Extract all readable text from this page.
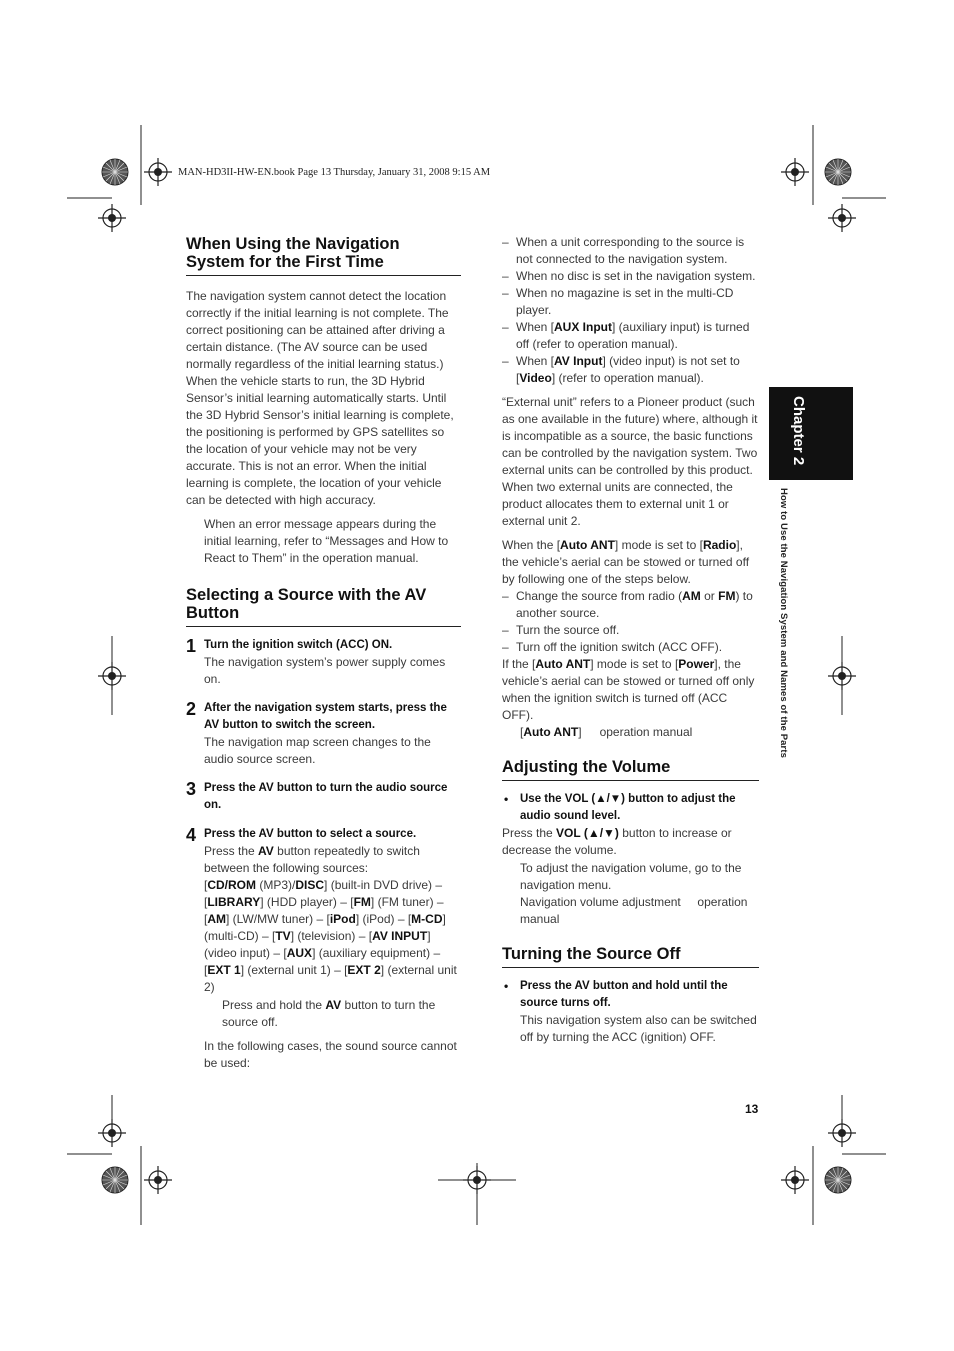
MAN-HD3II-HW-EN.book Page 13 Thursday, January 31, 2008 9:15 AM
Chapter 2
How to Use the Navigation System and Names of the Parts
When Using the Navigation System for the First Time

The navigation system cannot detect the location correctly if the initial learning is not complete. The correct positioning can be attained after driving a certain distance. (The AV source can be used normally regardless of the initial learning status.)

When the vehicle starts to run, the 3D Hybrid Sensor’s initial learning automatically starts. Until the 3D Hybrid Sensor’s initial learning is complete, the positioning is performed by GPS satellites so the location of your vehicle may not be very accurate. This is not an error. When the initial learning is complete, the location of your vehicle can be detected with high accuracy.

When an error message appears during the initial learning, refer to “Messages and How to React to Them” in the operation manual.

Selecting a Source with the AV Button
1 Turn the ignition switch (ACC) ON.

The navigation system’s power supply comes on.

2 After the navigation system starts, press the AV button to switch the screen.

The navigation map screen changes to the audio source screen.

3 Press the AV button to turn the audio source on.
4 Press the AV button to select a source.

Press the AV button repeatedly to switch between the following sources:

[CD/ROM (MP3)/DISC] (built-in DVD drive) – [LIBRARY] (HDD player) – [FM] (FM tuner) – [AM] (LW/MW tuner) – [iPod] (iPod) – [M-CD] (multi-CD) – [TV] (television) – [AV INPUT] (video input) – [AUX] (auxiliary equipment) – [EXT 1] (external unit 1) – [EXT 2] (external unit 2)

Press and hold the AV button to turn the source off.

In the following cases, the sound source cannot be used:

– When a unit corresponding to the source is not connected to the navigation system.
– When no disc is set in the navigation system.
– When no magazine is set in the multi-CD player.
– When [AUX Input] (auxiliary input) is turned off (refer to operation manual).
– When [AV Input] (video input) is not set to [Video] (refer to operation manual).

“External unit” refers to a Pioneer product (such as one available in the future) where, although it is incompatible as a source, the basic functions can be controlled by the navigation system. Two external units can be controlled by this product. When two external units are connected, the product allocates them to external unit 1 or external unit 2.

When the [Auto ANT] mode is set to [Radio], the vehicle’s aerial can be stowed or turned off by following one of the steps below.

– Change the source from radio (AM or FM) to another source.
– Turn the source off.
– Turn off the ignition switch (ACC OFF).

If the [Auto ANT] mode is set to [Power], the vehicle’s aerial can be stowed or turned off only when the ignition switch is turned off (ACC OFF).

[Auto ANT] operation manual

Adjusting the Volume
• Use the VOL (▲/▼) button to adjust the audio sound level.

Press the VOL (▲/▼) button to increase or decrease the volume.

To adjust the navigation volume, go to the navigation menu.

Navigation volume adjustment     operation manual

Turning the Source Off
• Press the AV button and hold until the source turns off.

This navigation system also can be switched off by turning the ACC (ignition) OFF.

13
